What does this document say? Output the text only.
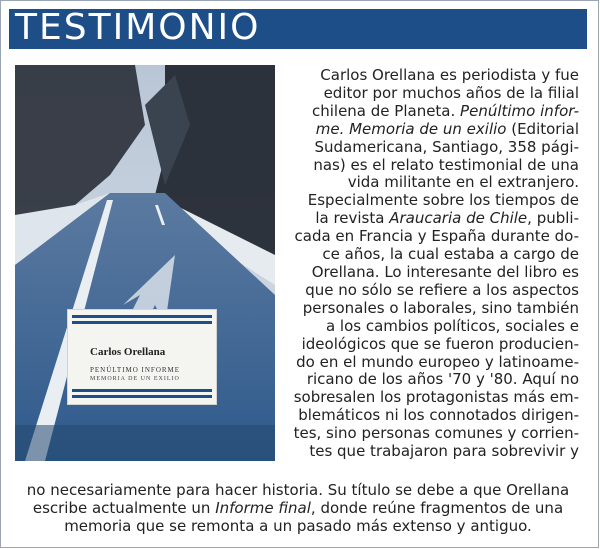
TESTIMONIO
Carlos Orellana
PENÚLTIMO INFORME
MEMORIA DE UN EXILIO
Carlos Orellana es periodista y fue
editor por muchos años de la filial
chilena de Planeta. Penúltimo infor-
me. Memoria de un exilio (Editorial
Sudamericana, Santiago, 358 pági-
nas) es el relato testimonial de una
vida militante en el extranjero.
Especialmente sobre los tiempos de
la revista Araucaria de Chile, publi-
cada en Francia y España durante do-
ce años, la cual estaba a cargo de
Orellana. Lo interesante del libro es
que no sólo se refiere a los aspectos
personales o laborales, sino también
a los cambios políticos, sociales e
ideológicos que se fueron producien-
do en el mundo europeo y latinoame-
ricano de los años '70 y '80. Aquí no
sobresalen los protagonistas más em-
blemáticos ni los connotados dirigen-
tes, sino personas comunes y corrien-
tes que trabajaron para sobrevivir y
no necesariamente para hacer historia. Su título se debe a que Orellana
escribe actualmente un Informe final, donde reúne fragmentos de una
memoria que se remonta a un pasado más extenso y antiguo.
